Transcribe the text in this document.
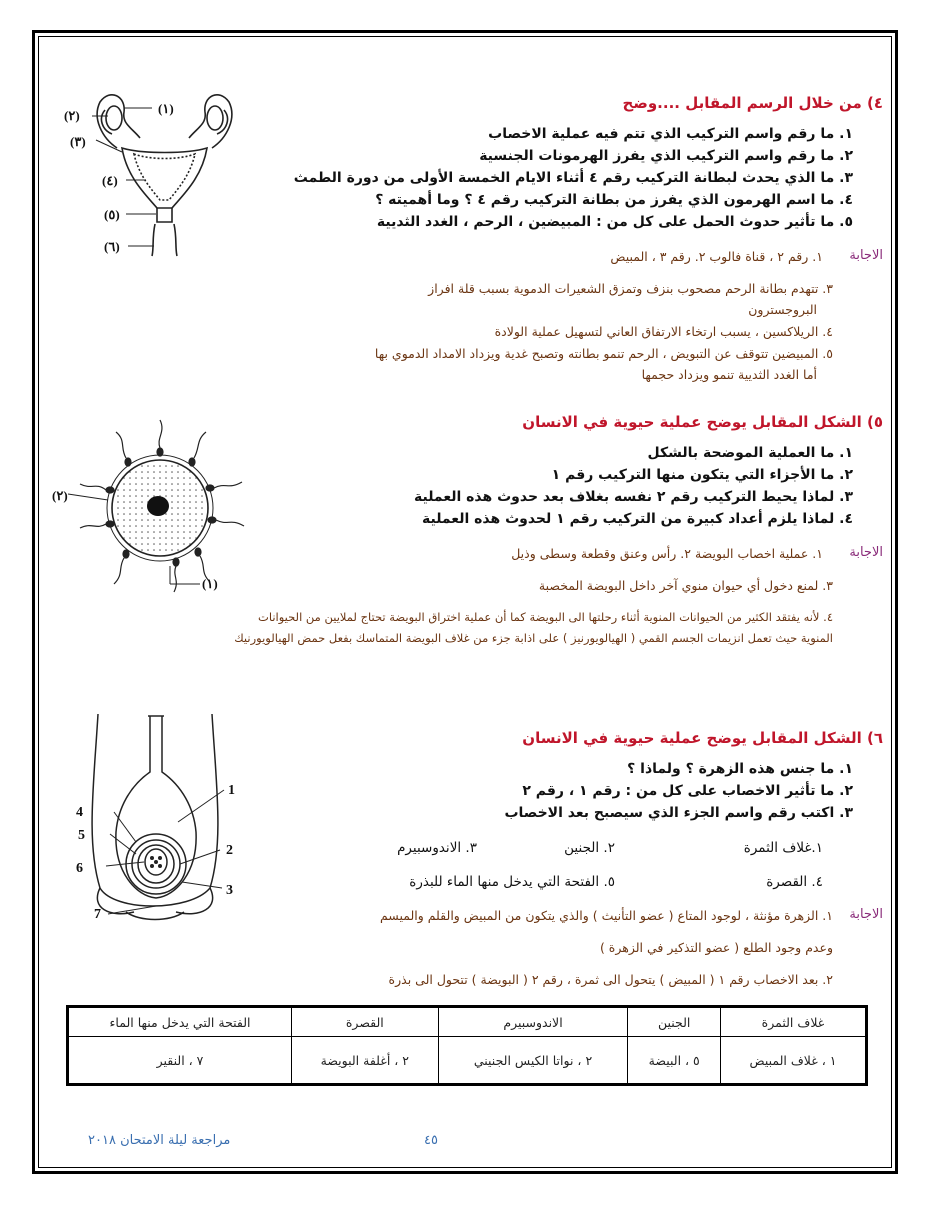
(١)
(٢)
(٣)
(٤)
(٥)
(٦)
٤) من خلال الرسم المقابل ....وضح
١. ما رقم واسم التركيب الذي تتم فيه عملية الاخصاب
٢. ما رقم واسم التركيب الذي يفرز الهرمونات الجنسية
٣. ما الذي يحدث لبطانة التركيب رقم ٤ أثناء الايام الخمسة الأولى من دورة الطمث
٤. ما اسم الهرمون الذي يفرز من بطانة التركيب رقم ٤ ؟ وما أهميته ؟
٥. ما تأثير حدوث الحمل على كل من : المبيضين ، الرحم ، الغدد الثديية
الاجابة
١. رقم ٢ ، قناة فالوب ٢. رقم ٣ ، المبيض
٣. تتهدم بطانة الرحم مصحوب بنزف وتمزق الشعيرات الدموية بسبب قلة افراز
البروجسترون
٤. الريلاكسين ، يسبب ارتخاء الارتفاق العاني لتسهيل عملية الولادة
٥. المبيضين تتوقف عن التبويض ، الرحم تنمو بطانته وتصبح غدية ويزداد الامداد الدموي بها
أما الغدد الثديية تنمو ويزداد حجمها
(٢)
(١)
٥) الشكل المقابل يوضح عملية حيوية في الانسان
١. ما العملية الموضحة بالشكل
٢. ما الأجزاء التي يتكون منها التركيب رقم ١
٣. لماذا يحيط التركيب رقم ٢ نفسه بغلاف بعد حدوث هذه العملية
٤. لماذا يلزم أعداد كبيرة من التركيب رقم ١ لحدوث هذه العملية
الاجابة
١. عملية اخصاب البويضة ٢. رأس وعنق وقطعة وسطى وذيل
٣. لمنع دخول أي حيوان منوي آخر داخل البويضة المخصبة
٤. لأنه يفتقد الكثير من الحيوانات المنوية أثناء رحلتها الى البويضة كما أن عملية اختراق البويضة تحتاج لملايين من الحيوانات
المنوية حيث تعمل انزيمات الجسم القمي ( الهيالويورنيز ) على اذابة جزء من غلاف البويضة المتماسك بفعل حمض الهيالويورنيك
1
2
3
4
5
6
7
٦) الشكل المقابل يوضح عملية حيوية في الانسان
١. ما جنس هذه الزهرة ؟ ولماذا ؟
٢. ما تأثير الاخصاب على كل من : رقم ١ ، رقم ٢
٣. اكتب رقم واسم الجزء الذي سيصبح بعد الاخصاب
١.غلاف الثمرة
٢. الجنين
٣. الاندوسبيرم
٤. القصرة
٥. الفتحة التي يدخل منها الماء للبذرة
الاجابة
١. الزهرة مؤنثة ، لوجود المتاع ( عضو التأنيث ) والذي يتكون من المبيض والقلم والميسم
وعدم وجود الطلع ( عضو التذكير في الزهرة )
٢. بعد الاخصاب رقم ١ ( المبيض ) يتحول الى ثمرة ، رقم ٢ ( البويضة ) تتحول الى بذرة
غلاف الثمرة	الجنين	الاندوسبيرم	القصرة	الفتحة التي يدخل منها الماء
١ ، غلاف المبيض	٥ ، البيضة	٢ ، نواتا الكيس الجنيني	٢ ، أغلفة البويضة	٧ ، النقير
مراجعة ليلة الامتحان ٢٠١٨	٤٥
